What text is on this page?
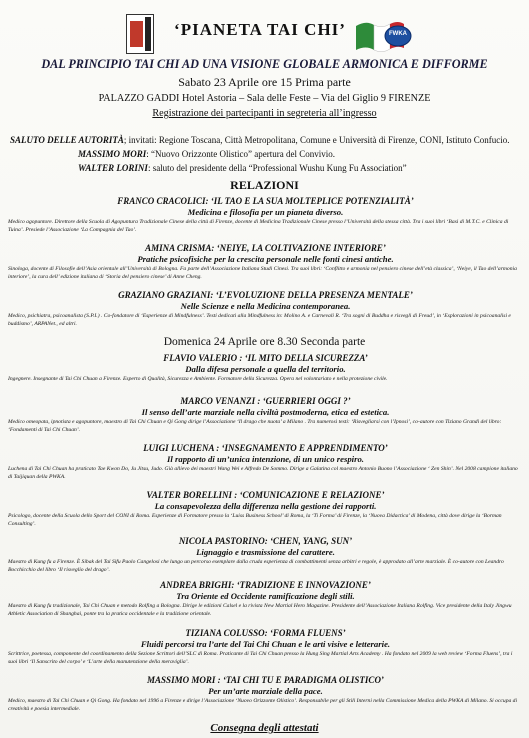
FWKA
‘PIANETA TAI CHI’
DAL PRINCIPIO TAI CHI AD UNA VISIONE GLOBALE ARMONICA E DIFFORME
Sabato 23 Aprile ore 15 Prima parte
PALAZZO GADDI Hotel Astoria – Sala delle Feste – Via del Giglio 9 FIRENZE
Registrazione dei partecipanti in segreteria all’ingresso
SALUTO DELLE AUTORITÀ; invitati: Regione Toscana, Città Metropolitana, Comune e Università di Firenze, CONI, Istituto Confucio.
MASSIMO MORI: “Nuovo Orizzonte Olistico” apertura del Convivio.
WALTER LORINI: saluto del presidente della “Professional Wushu Kung Fu Association”
RELAZIONI
FRANCO CRACOLICI: ‘IL TAO E LA SUA MOLTEPLICE POTENZIALITÀ’
Medicina e filosofia per un pianeta diverso.
Medico agopuntore. Direttore della Scuola di Agopuntura Tradizionale Cinese della città di Firenze, docente di Medicina Tradizionale Cinese presso l’Università della stessa città. Tra i suoi libri ‘Basi di M.T.C. e Clinica di Tuina’. Presiede l’Associazione ‘La Compagnia del Tao’.
AMINA CRISMA: ‘NEIYE, LA COLTIVAZIONE INTERIORE’
Pratiche psicofisiche per la crescita personale nelle fonti cinesi antiche.
Sinologa, docente di Filosofie dell’Asia orientale all’Università di Bologna. Fa parte dell’Associazione Italiana Studi Cinesi. Tra suoi libri: ‘Conflitto e armonia nel pensiero cinese dell’età classica’, ‘Neiye, il Tao dell’armonia interiore’, la cura dell’ edizione italiana di ‘Storia del pensiero cinese’ di Anne Cheng.
GRAZIANO GRAZIANI: ‘L’EVOLUZIONE DELLA PRESENZA MENTALE’
Nelle Scienze e nella Medicina contemporanea.
Medico, psichiatra, psicoanalista (S.P.I.) . Co-fondatore di ‘Esperienze di Mindfulness’. Testi dedicati alla Mindfulness in: Molino A. e Carnevali R. ‘Tra sogni di Buddha e risvegli di Freud’, in ‘Esplorazioni in psicoanalisi e buddismo’, ARPANet., ed altri.
Domenica 24 Aprile ore 8.30 Seconda parte
FLAVIO VALERIO : ‘IL MITO DELLA SICUREZZA’
Dalla difesa personale a quella del territorio.
Ingegnere. Insegnante di Tai Chi Chuan a Firenze. Esperto di Qualità, Sicurezza e Ambiente. Formatore della Sicurezza. Opera nel volontariato e nella protezione civile.
MARCO VENANZI : ‘GUERRIERI OGGI ?’
Il senso dell’arte marziale nella civiltà postmoderna, etica ed estetica.
Medico omeopata, ipnotista e agopuntore, maestro di Tai Chi Chuan e Qi Gong dirige l’Associazione ‘Il drago che nuota’ a Milano . Tra numerosi testi: ‘Risvegliarsi con l’Ipnosi’, co-autore con Tiziano Grandi del libro: ‘Fondamenti di Tai Chi Chuan’.
LUIGI LUCHENA : ‘INSEGNAMENTO E APPRENDIMENTO’
Il rapporto di un’unica intenzione, di un unico respiro.
Luchena di Tai Chi Chuan ha praticato Tae Kwon Do, Ju Jitsu, Judo. Già allievo dei maestri Wang Wei e Alfredo De Sommo. Dirige a Galatina col maestro Antonio Buono l’Associazione ‘ Zen Shin’. Nel 2008 campione italiano di Taijiquan della PWKA.
VALTER BORELLINI : ‘COMUNICAZIONE E RELAZIONE’
La consapevolezza della differenza nella gestione dei rapporti.
Psicologo, docente della Scuola dello Sport del CONI di Roma. Esperienze di Formatore presso la ‘Luiss Business School’ di Roma, la ‘Ti Forma’ di Firenze, la ‘Nuova Didactica’ di Modena, città dove dirige la ‘Borman Consulting’.
NICOLA PASTORINO: ‘CHEN, YANG, SUN’
Lignaggio e trasmissione del carattere.
Maestro di Kung fu a Firenze. È Sibak del Tai Sifu Paolo Cangelosi che lungo un percorso esemplare dalla cruda esperienza di combattimenti senza arbitri e regole, è approdato all’arte marziale. È co-autore con Leandro Bocchicchio del libro ‘Il risveglio del drago’.
ANDREA BRIGHI: ‘TRADIZIONE E INNOVAZIONE’
Tra Oriente ed Occidente ramificazione degli stili.
Maestro di Kung fu tradizionale, Tai Chi Chuan e metodo Rolfing a Bologna. Dirige le edizioni Calsel e la rivista New Martial Hero Magazine. Presidente dell’Associazione Italiana Rolfing. Vice presidente della Italy Jingwu Athletic Association di Shanghai, ponte tra la pratica occidentale e la tradizione orientale.
TIZIANA COLUSSO: ‘FORMA FLUENS’
Fluidi percorsi tra l’arte del Tai Chi Chuan e le arti visive e letterarie.
Scrittrice, poetessa, componente del coordinamento della Sezione Scrittori dell’SLC di Roma. Praticante di Tai Chi Chuan presso la Hung Sing Martial Arts Academy . Ha fondato nel 2009 la web review ‘Forma Fluens’, tra i suoi libri ‘Il Sanscrito del corpo’ e ‘L’arte della manutenzione della meraviglia’.
MASSIMO MORI : ‘TAI CHI TU E PARADIGMA OLISTICO’
Per un’arte marziale della pace.
Medico, maestro di Tai Chi Chuan e Qi Gong. Ha fondato nel 1996 a Firenze e dirige l’Associazione ‘Nuovo Orizzonte Olistico’. Responsabile per gli Stili Interni nella Commissione Medica della PWKA di Milano. Si occupa di creatività e poesia intermediale.
Consegna degli attestati
